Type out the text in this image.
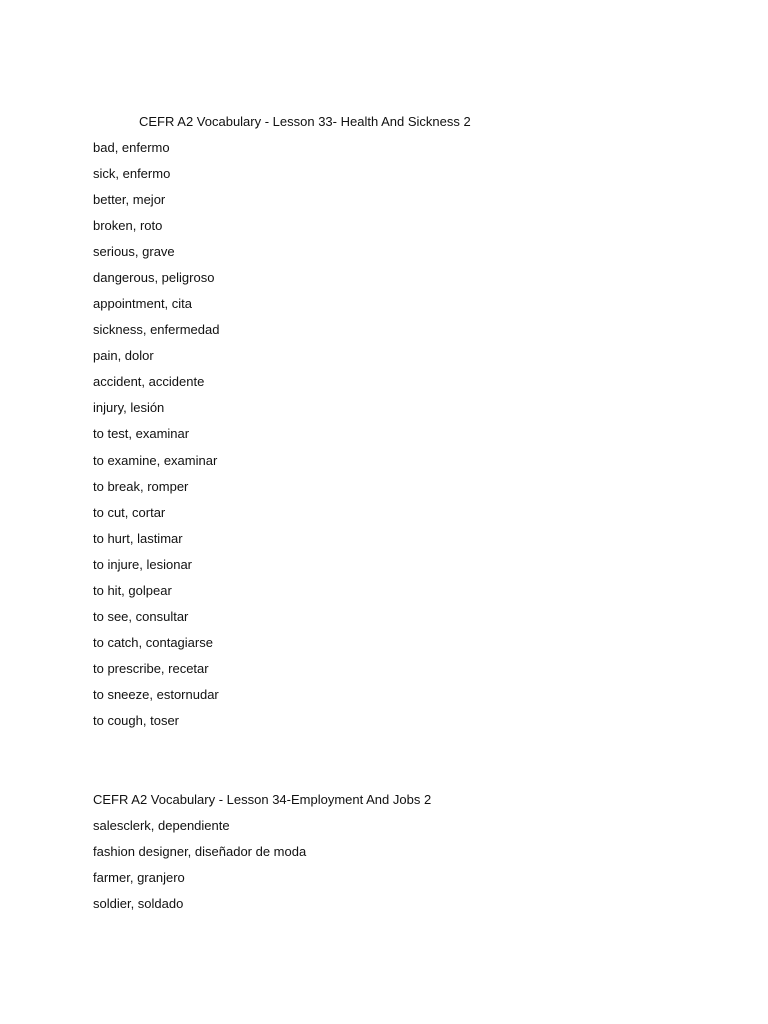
CEFR A2 Vocabulary - Lesson 33- Health And Sickness 2
bad, enfermo
sick, enfermo
better, mejor
broken, roto
serious, grave
dangerous, peligroso
appointment, cita
sickness, enfermedad
pain, dolor
accident, accidente
injury, lesión
to test, examinar
to examine, examinar
to break, romper
to cut, cortar
to hurt, lastimar
to injure, lesionar
to hit, golpear
to see, consultar
to catch, contagiarse
to prescribe, recetar
to sneeze, estornudar
to cough, toser
CEFR A2 Vocabulary - Lesson 34-Employment And Jobs 2
salesclerk, dependiente
fashion designer, diseñador de moda
farmer, granjero
soldier, soldado
